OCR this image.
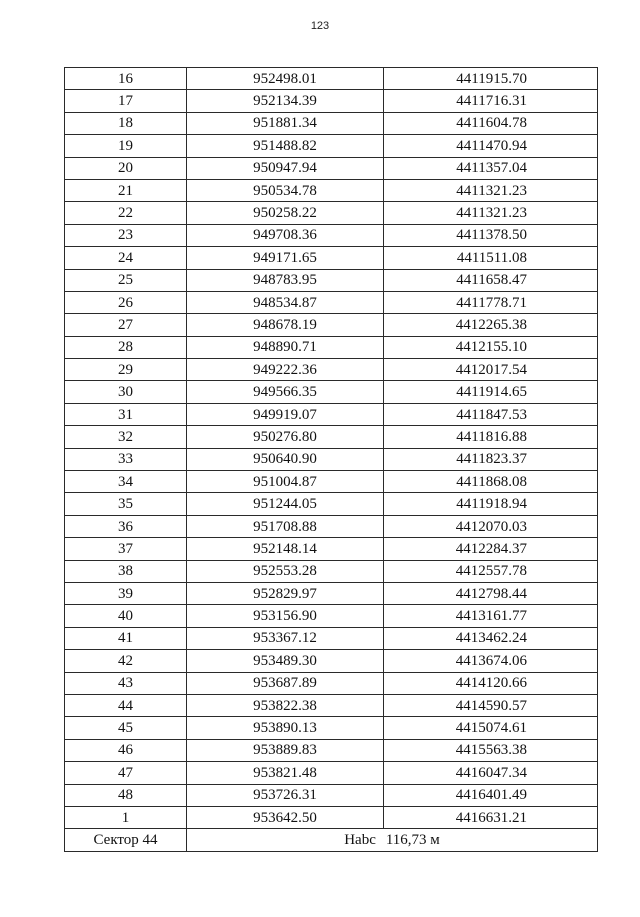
123
16	952498.01	4411915.70
17	952134.39	4411716.31
18	951881.34	4411604.78
19	951488.82	4411470.94
20	950947.94	4411357.04
21	950534.78	4411321.23
22	950258.22	4411321.23
23	949708.36	4411378.50
24	949171.65	4411511.08
25	948783.95	4411658.47
26	948534.87	4411778.71
27	948678.19	4412265.38
28	948890.71	4412155.10
29	949222.36	4412017.54
30	949566.35	4411914.65
31	949919.07	4411847.53
32	950276.80	4411816.88
33	950640.90	4411823.37
34	951004.87	4411868.08
35	951244.05	4411918.94
36	951708.88	4412070.03
37	952148.14	4412284.37
38	952553.28	4412557.78
39	952829.97	4412798.44
40	953156.90	4413161.77
41	953367.12	4413462.24
42	953489.30	4413674.06
43	953687.89	4414120.66
44	953822.38	4414590.57
45	953890.13	4415074.61
46	953889.83	4415563.38
47	953821.48	4416047.34
48	953726.31	4416401.49
1	953642.50	4416631.21
Сектор 44	Нabc 116,73 м	
